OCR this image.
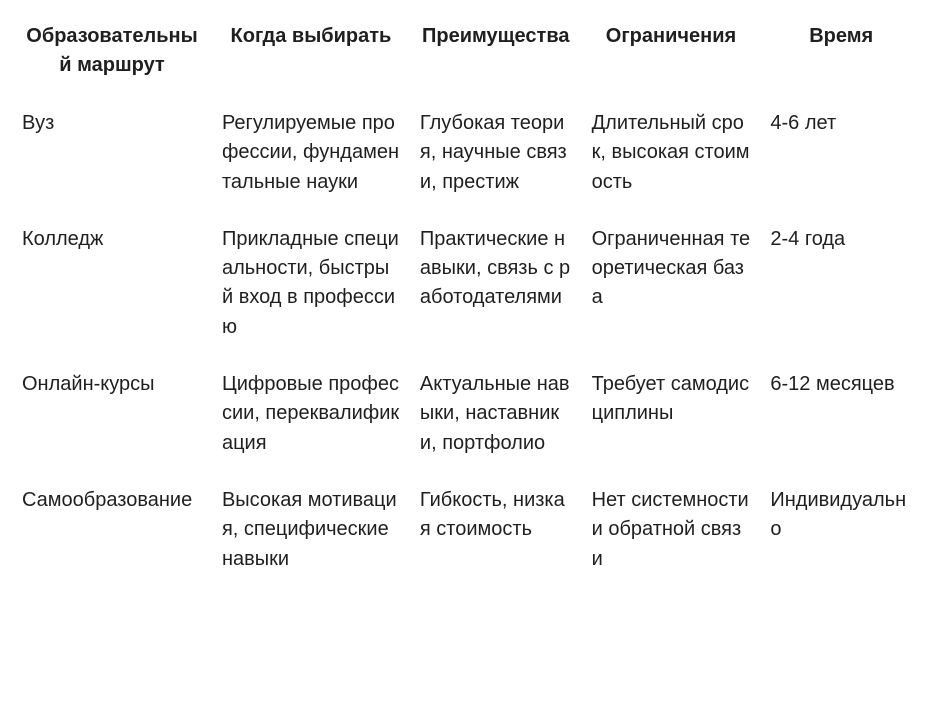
Образовательный маршрут	Когда выбирать	Преимущества	Ограничения	Время
Вуз	Регулируемые профессии, фундаментальные науки	Глубокая теория, научные связи, престиж	Длительный срок, высокая стоимость	4-6 лет
Колледж	Прикладные специальности, быстрый вход в профессию	Практические навыки, связь с работодателями	Ограниченная теоретическая база	2-4 года
Онлайн-курсы	Цифровые профессии, переквалификация	Актуальные навыки, наставники, портфолио	Требует самодисциплины	6-12 месяцев
Самообразование	Высокая мотивация, специфические навыки	Гибкость, низкая стоимость	Нет системности и обратной связи	Индивидуально
